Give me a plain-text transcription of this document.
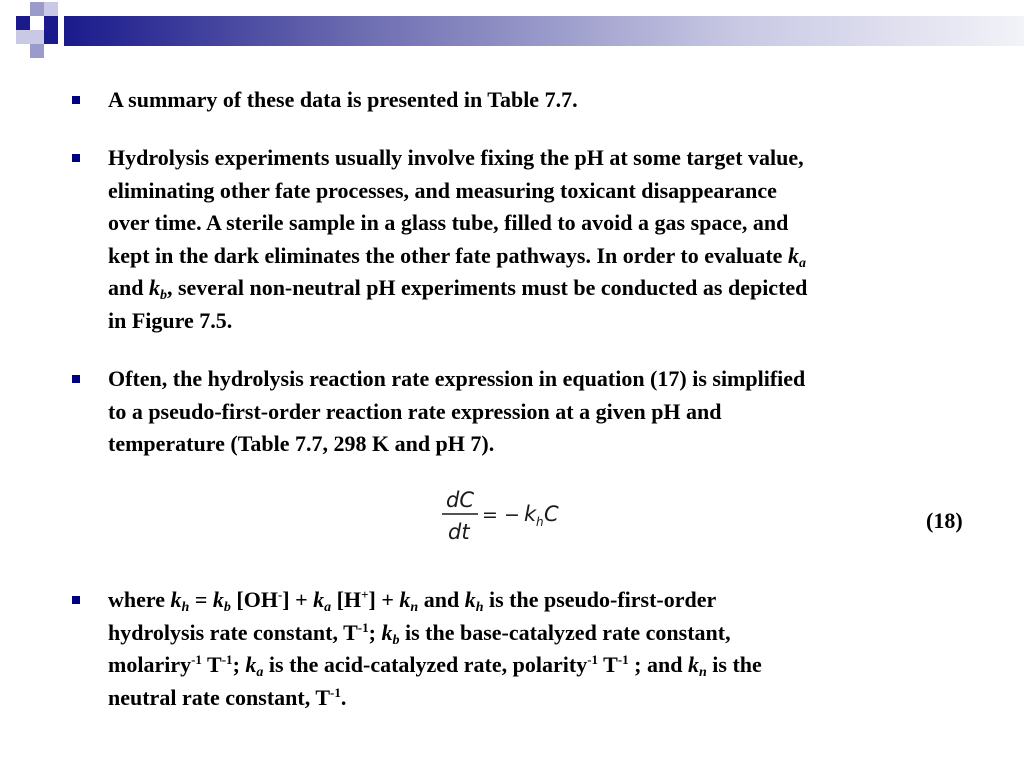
A summary of these data is presented in Table 7.7.
Hydrolysis experiments usually involve fixing the pH at some target value,
eliminating other fate processes, and measuring toxicant disappearance
over time. A sterile sample in a glass tube, filled to avoid a gas space, and
kept in the dark eliminates the other fate pathways. In order to evaluate $k_a$
and $k_b$, several non-neutral pH experiments must be conducted as depicted
in Figure 7.5.
Often, the hydrolysis reaction rate expression in equation (17) is simplified
to a pseudo-first-order reaction rate expression at a given pH and
temperature (Table 7.7, 298 K and pH 7).
dC
dt
= − k h C	(18)
where $k_h = k_b$ $[OH^-] + k_a$ $[H^+] + k_n$ and $k_h$ is the pseudo-first-order
hydrolysis rate constant, $T^{-1}$; $k_b$ is the base-catalyzed rate constant,
molariry$^{-1}$ $T^{-1}$; $k_a$ is the acid-catalyzed rate, polarity$^{-1}$ $T^{-1}$ ; and $k_n$ is the
neutral rate constant, $T^{-1}$.
